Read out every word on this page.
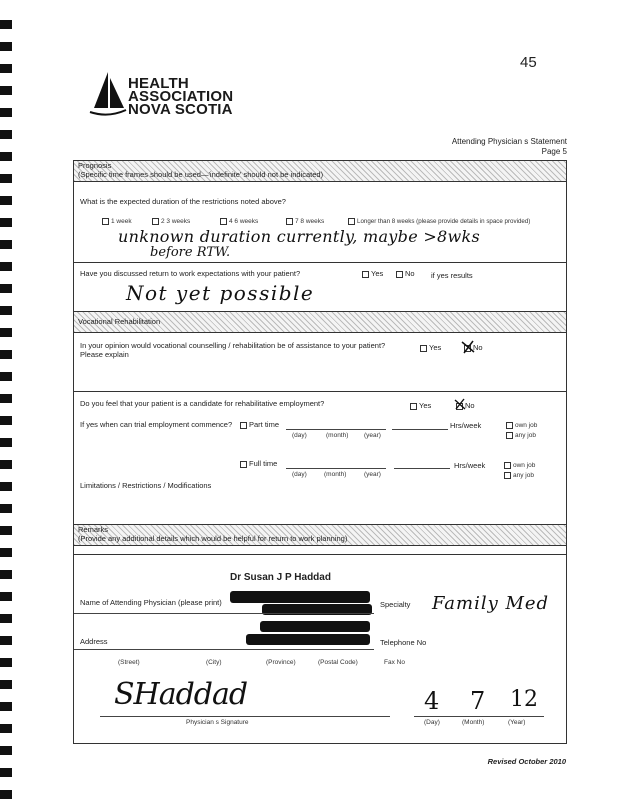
45
HEALTH
ASSOCIATION
NOVA SCOTIA
Attending Physician s Statement
Page 5
Prognosis
(Specific time frames should be used—'indefinite' should not be indicated)
What is the expected duration of the restrictions noted above?
1 week	2 3 weeks	4 6 weeks	7 8 weeks	Longer than 8 weeks (please provide details in space provided)
unknown duration currently, maybe >8wks
before RTW.
Have you discussed return to work expectations with your patient?	Yes	No if yes results
Not yet possible
Vocational Rehabilitation
In your opinion would vocational counselling / rehabilitation be of assistance to your patient?
Please explain
Yes	No
Do you feel that your patient is a candidate for rehabilitative employment?	Yes	No
If yes when can trial employment commence?	Part time
(day)	(month) (year)
Hrs/week	own job
any job
Full time
(day)	(month)	(year)
Hrs/week	own job
any job
Limitations / Restrictions / Modifications
Remarks
(Provide any additional details which would be helpful for return to work planning)
Dr Susan J P Haddad
Name of Attending Physician (please print)	Specialty Family Med
Address	Telephone No
(Street)	(City)	(Province)	(Postal Code)	Fax No
SHaddad
Physician s Signature
4 7 12
(Day)	(Month)	(Year)
Revised October 2010
